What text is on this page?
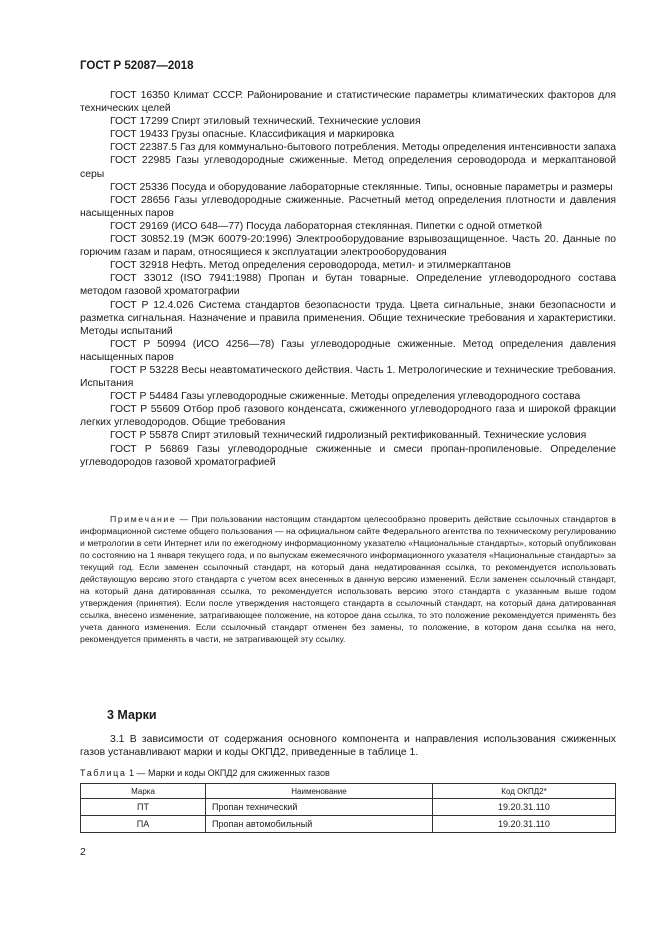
ГОСТ Р 52087—2018

ГОСТ 16350 Климат СССР. Районирование и статистические параметры климатических факторов для технических целей

ГОСТ 17299 Спирт этиловый технический. Технические условия

ГОСТ 19433 Грузы опасные. Классификация и маркировка

ГОСТ 22387.5 Газ для коммунально-бытового потребления. Методы определения интенсивности запаха

ГОСТ 22985 Газы углеводородные сжиженные. Метод определения сероводорода и меркаптановой серы

ГОСТ 25336 Посуда и оборудование лабораторные стеклянные. Типы, основные параметры и размеры

ГОСТ 28656 Газы углеводородные сжиженные. Расчетный метод определения плотности и давления насыщенных паров

ГОСТ 29169 (ИСО 648—77) Посуда лабораторная стеклянная. Пипетки с одной отметкой

ГОСТ 30852.19 (МЭК 60079-20:1996) Электрооборудование взрывозащищенное. Часть 20. Данные по горючим газам и парам, относящиеся к эксплуатации электрооборудования

ГОСТ 32918 Нефть. Метод определения сероводорода, метил- и этилмеркаптанов

ГОСТ 33012 (ISO 7941:1988) Пропан и бутан товарные. Определение углеводородного состава методом газовой хроматографии

ГОСТ Р 12.4.026 Система стандартов безопасности труда. Цвета сигнальные, знаки безопасности и разметка сигнальная. Назначение и правила применения. Общие технические требования и характеристики. Методы испытаний

ГОСТ Р 50994 (ИСО 4256—78) Газы углеводородные сжиженные. Метод определения давления насыщенных паров

ГОСТ Р 53228 Весы неавтоматического действия. Часть 1. Метрологические и технические требования. Испытания

ГОСТ Р 54484 Газы углеводородные сжиженные. Методы определения углеводородного состава

ГОСТ Р 55609 Отбор проб газового конденсата, сжиженного углеводородного газа и широкой фракции легких углеводородов. Общие требования

ГОСТ Р 55878 Спирт этиловый технический гидролизный ректификованный. Технические условия

ГОСТ Р 56869 Газы углеводородные сжиженные и смеси пропан-пропиленовые. Определение углеводородов газовой хроматографией

Примечание — При пользовании настоящим стандартом целесообразно проверить действие ссылочных стандартов в информационной системе общего пользования — на официальном сайте Федерального агентства по техническому регулированию и метрологии в сети Интернет или по ежегодному информационному указателю «Национальные стандарты», который опубликован по состоянию на 1 января текущего года, и по выпускам ежемесячного информационного указателя «Национальные стандарты» за текущий год. Если заменен ссылочный стандарт, на который дана недатированная ссылка, то рекомендуется использовать действующую версию этого стандарта с учетом всех внесенных в данную версию изменений. Если заменен ссылочный стандарт, на который дана датированная ссылка, то рекомендуется использовать версию этого стандарта с указанным выше годом утверждения (принятия). Если после утверждения настоящего стандарта в ссылочный стандарт, на который дана датированная ссылка, внесено изменение, затрагивающее положение, на которое дана ссылка, то это положение рекомендуется применять без учета данного изменения. Если ссылочный стандарт отменен без замены, то положение, в котором дана ссылка на него, рекомендуется применять в части, не затрагивающей эту ссылку.

3 Марки

3.1 В зависимости от содержания основного компонента и направления использования сжиженных газов устанавливают марки и коды ОКПД2, приведенные в таблице 1.

Таблица 1 — Марки и коды ОКПД2 для сжиженных газов
Марка	Наименование	Код ОКПД2*
ПТ	Пропан технический	19.20.31.110
ПА	Пропан автомобильный	19.20.31.110
2
